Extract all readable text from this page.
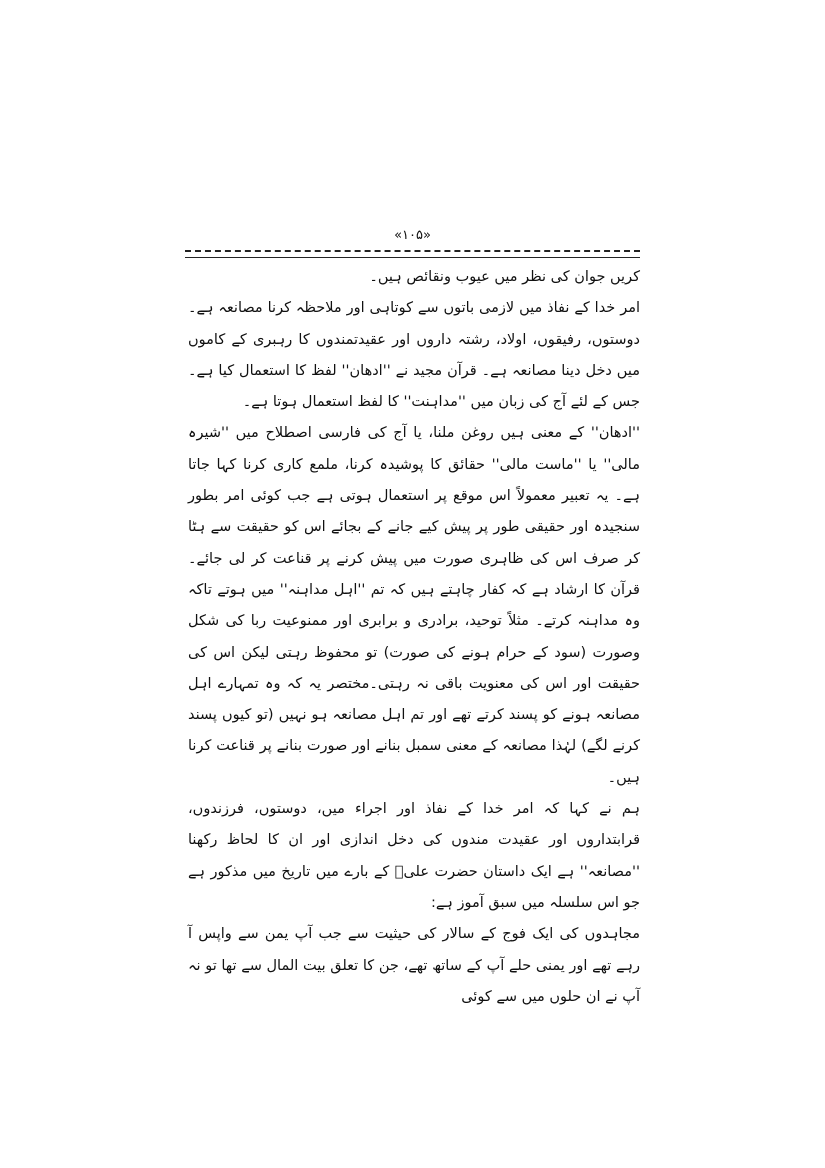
«۱۰۵»

کریں جوان کی نظر میں عیوب ونقائص ہیں۔

امر خدا کے نفاذ میں لازمی باتوں سے کوتاہی اور ملاحظہ کرنا مصانعہ ہے۔ دوستوں، رفیقوں، اولاد، رشتہ داروں اور عقیدتمندوں کا رہبری کے کاموں میں دخل دینا مصانعہ ہے۔ قرآن مجید نے ''ادھان'' لفظ کا استعمال کیا ہے۔جس کے لئے آج کی زبان میں ''مداہنت'' کا لفظ استعمال ہوتا ہے۔

''ادھان'' کے معنی ہیں روغن ملنا، یا آج کی فارسی اصطلاح میں ''شیرہ مالی'' یا ''ماست مالی'' حقائق کا پوشیدہ کرنا، ملمع کاری کرنا کہا جاتا ہے۔ یہ تعبیر معمولاً اس موقع پر استعمال ہوتی ہے جب کوئی امر بطور سنجیدہ اور حقیقی طور پر پیش کیے جانے کے بجائے اس کو حقیقت سے ہٹا کر صرف اس کی ظاہری صورت میں پیش کرنے پر قناعت کر لی جائے۔قرآن کا ارشاد ہے کہ کفار چاہتے ہیں کہ تم ''اہل مداہنہ'' میں ہوتے تاکہ وہ مداہنہ کرتے۔ مثلاً توحید، برادری و برابری اور ممنوعیت ربا کی شکل وصورت (سود کے حرام ہونے کی صورت) تو محفوظ رہتی لیکن اس کی حقیقت اور اس کی معنویت باقی نہ رہتی۔مختصر یہ کہ وہ تمہارے اہل مصانعہ ہونے کو پسند کرتے تھے اور تم اہل مصانعہ ہو نہیں (تو کیوں پسند کرنے لگے) لہٰذا مصانعہ کے معنی سمبل بنانے اور صورت بنانے پر قناعت کرنا ہیں۔

ہم نے کہا کہ امر خدا کے نفاذ اور اجراء میں، دوستوں، فرزندوں، قرابتداروں اور عقیدت مندوں کی دخل اندازی اور ان کا لحاظ رکھنا ''مصانعہ'' ہے ایک داستان حضرت علیؑ کے بارے میں تاریخ میں مذکور ہے جو اس سلسلہ میں سبق آموز ہے:

مجاہدوں کی ایک فوج کے سالار کی حیثیت سے جب آپ یمن سے واپس آ رہے تھے اور یمنی حلے آپ کے ساتھ تھے، جن کا تعلق بیت المال سے تھا تو نہ آپ نے ان حلوں میں سے کوئی
